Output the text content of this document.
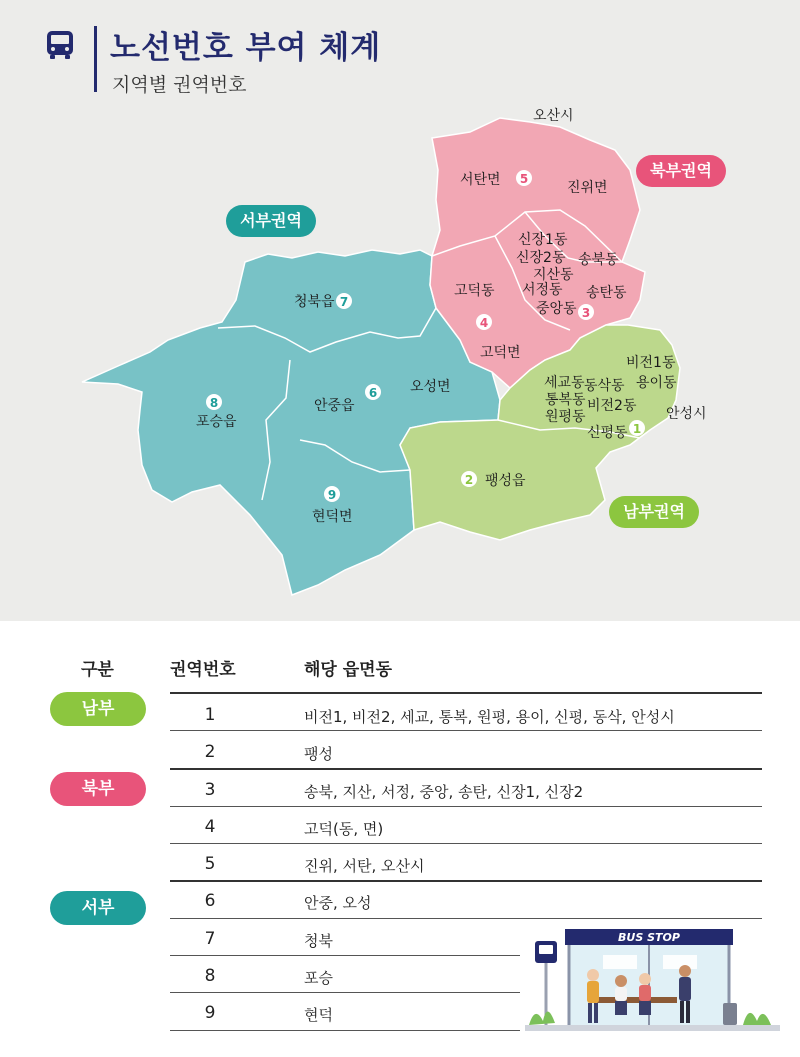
노선번호 부여 체계
지역별 권역번호
오산시
서탄면	진위면
신장1동
신장2동 송북동
지산동
고덕동 서정동 송탄동
중앙동
고덕면
청북읍
안중읍
오성면
포승읍
현덕면
팽성읍
세교동 동삭동
통복동
원평동
비전1동
비전2동
용이동
안성시
신평동 1
2
3
4
5
6
7
8
9
서부권역
북부권역
남부권역
구분	권역번호	해당 읍면동
남부
북부
서부
1	비전1, 비전2, 세교, 통복, 원평, 용이, 신평, 동삭, 안성시
2	팽성
3	송북, 지산, 서정, 중앙, 송탄, 신장1, 신장2
4	고덕(동, 면)
5	진위, 서탄, 오산시
6	안중, 오성
7	청북
8	포승
9	현덕
BUS STOP
